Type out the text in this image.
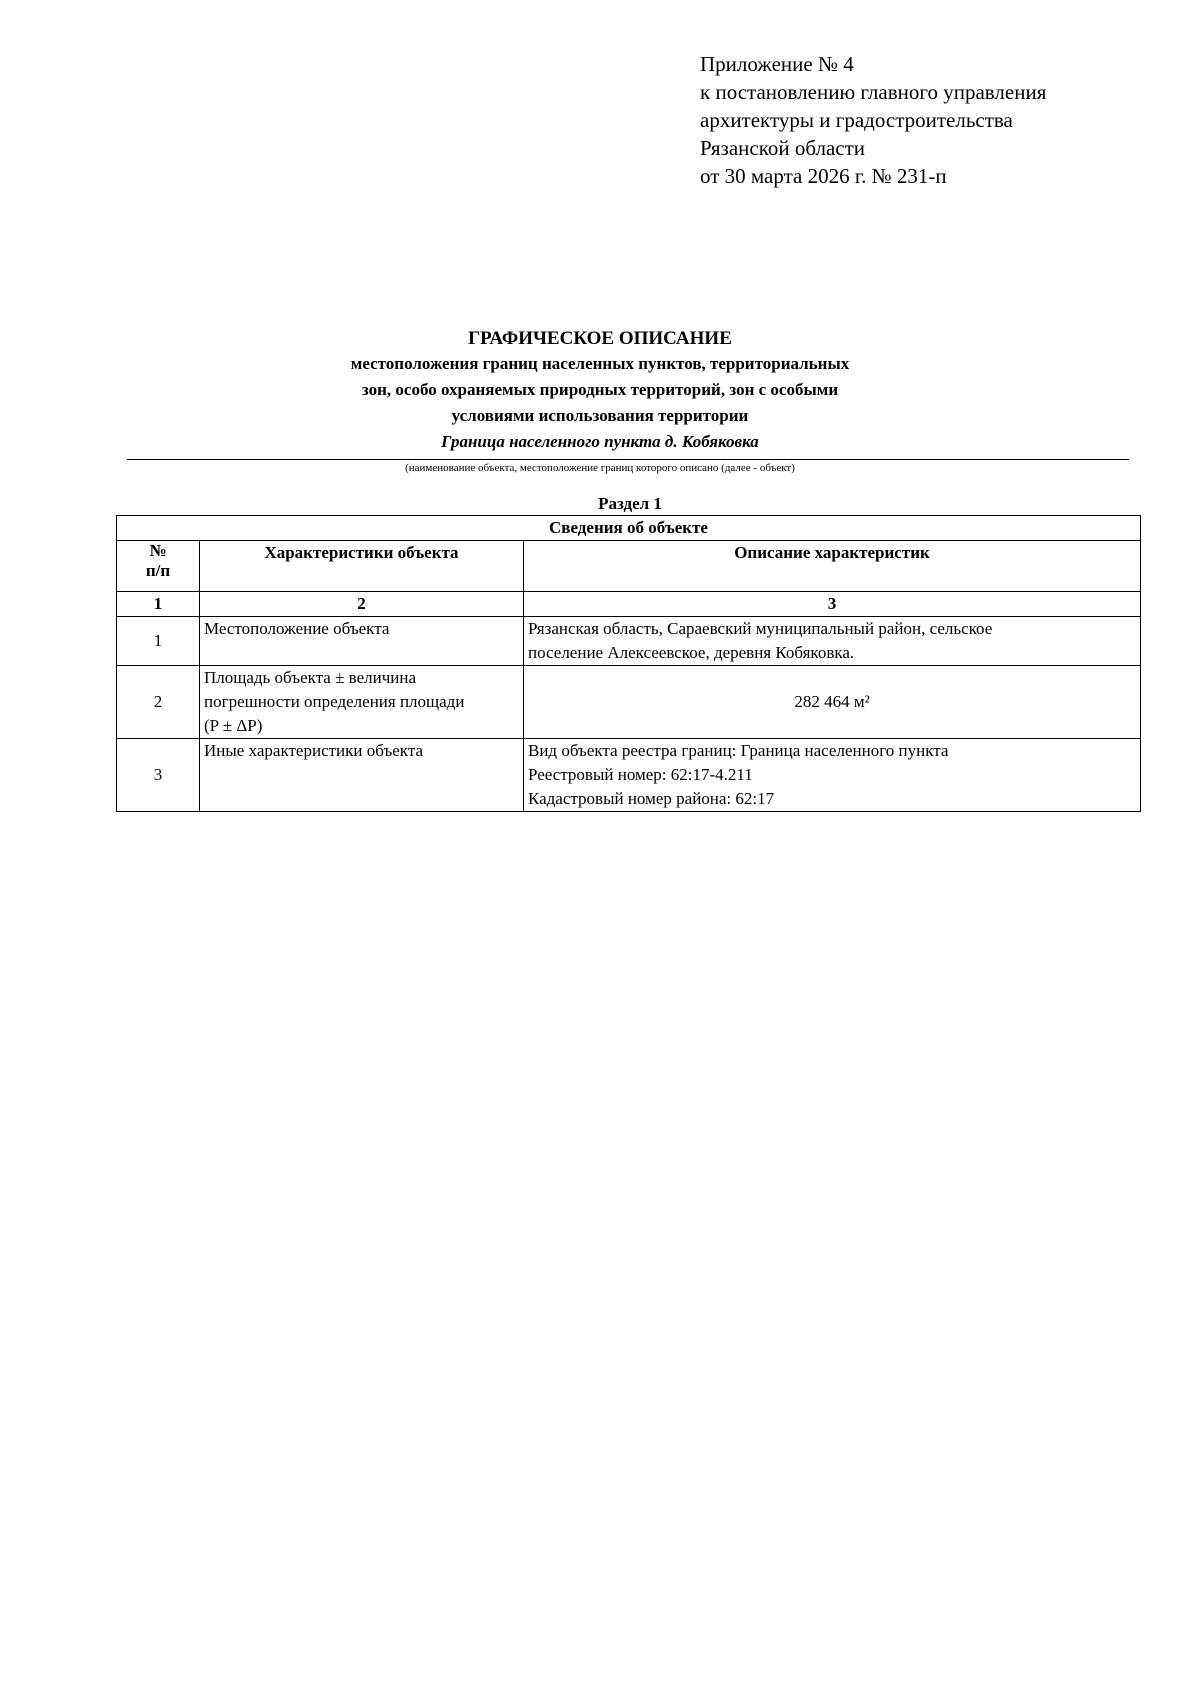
Приложение № 4
к постановлению главного управления
архитектуры и градостроительства
Рязанской области
от 30 марта 2026 г. № 231-п
ГРАФИЧЕСКОЕ ОПИСАНИЕ
местоположения границ населенных пунктов, территориальных
зон, особо охраняемых природных территорий, зон с особыми
условиями использования территории
Граница населенного пункта д. Кобяковка
(наименование объекта, местоположение границ которого описано (далее - объект)
Раздел 1
Сведения об объекте		

№
п/п	Характеристики объекта	Описание характеристик
1	2	3
1	Местоположение объекта	Рязанская область, Сараевский муниципальный район, сельское
поселение Алексеевское, деревня Кобяковка.

2	Площадь объекта ± величина
погрешности определения площади
(P ± ΔP)	282 464 м²
3	Иные характеристики объекта	Вид объекта реестра границ: Граница населенного пункта
Реестровый номер: 62:17-4.211
Кадастровый номер района: 62:17
